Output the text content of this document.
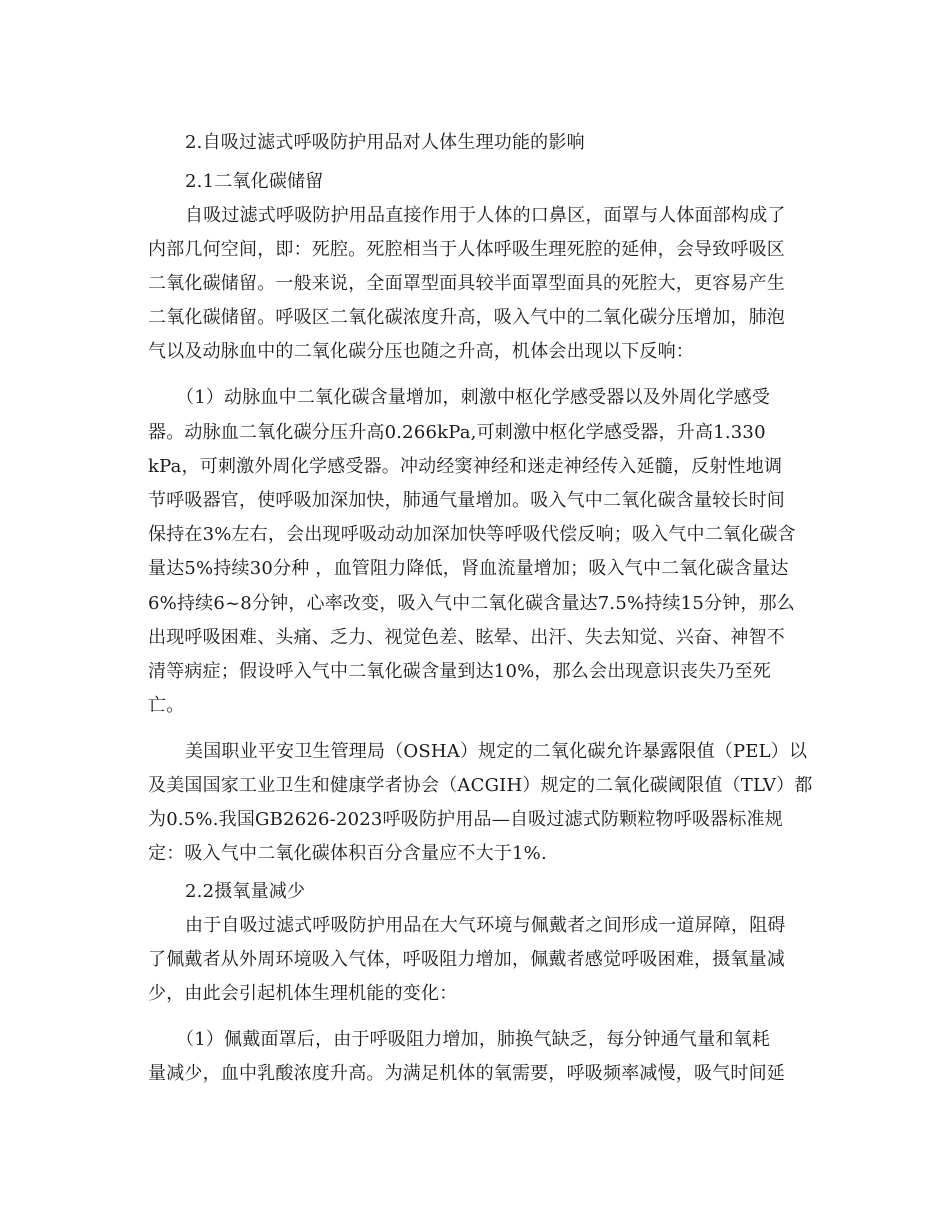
2.自吸过滤式呼吸防护用品对人体生理功能的影响
2.1二氧化碳储留
自吸过滤式呼吸防护用品直接作用于人体的口鼻区，面罩与人体面部构成了
内部几何空间，即：死腔。死腔相当于人体呼吸生理死腔的延伸，会导致呼吸区
二氧化碳储留。一般来说，全面罩型面具较半面罩型面具的死腔大，更容易产生
二氧化碳储留。呼吸区二氧化碳浓度升高，吸入气中的二氧化碳分压增加，肺泡
气以及动脉血中的二氧化碳分压也随之升高，机体会出现以下反响：
（1）动脉血中二氧化碳含量增加，刺激中枢化学感受器以及外周化学感受
器。动脉血二氧化碳分压升高0.266kPa,可刺激中枢化学感受器，升高1.330
kPa，可刺激外周化学感受器。冲动经窦神经和迷走神经传入延髓，反射性地调
节呼吸器官，使呼吸加深加快，肺通气量增加。吸入气中二氧化碳含量较长时间
保持在3%左右，会出现呼吸动动加深加快等呼吸代偿反响；吸入气中二氧化碳含
量达5%持续30分种 ，血管阻力降低，肾血流量增加；吸入气中二氧化碳含量达
6%持续6~8分钟，心率改变，吸入气中二氧化碳含量达7.5%持续15分钟，那么
出现呼吸困难、头痛、乏力、视觉色差、眩晕、出汗、失去知觉、兴奋、神智不
清等病症；假设呼入气中二氧化碳含量到达10%，那么会出现意识丧失乃至死
亡。
美国职业平安卫生管理局（OSHA）规定的二氧化碳允许暴露限值（PEL）以
及美国国家工业卫生和健康学者协会（ACGIH）规定的二氧化碳阈限值（TLV）都
为0.5%.我国GB2626-2023呼吸防护用品—自吸过滤式防颗粒物呼吸器标准规
定：吸入气中二氧化碳体积百分含量应不大于1%.
2.2摄氧量减少
由于自吸过滤式呼吸防护用品在大气环境与佩戴者之间形成一道屏障，阻碍
了佩戴者从外周环境吸入气体，呼吸阻力增加，佩戴者感觉呼吸困难，摄氧量减
少，由此会引起机体生理机能的变化：
（1）佩戴面罩后，由于呼吸阻力增加，肺换气缺乏，每分钟通气量和氧耗
量减少，血中乳酸浓度升高。为满足机体的氧需要，呼吸频率减慢，吸气时间延
